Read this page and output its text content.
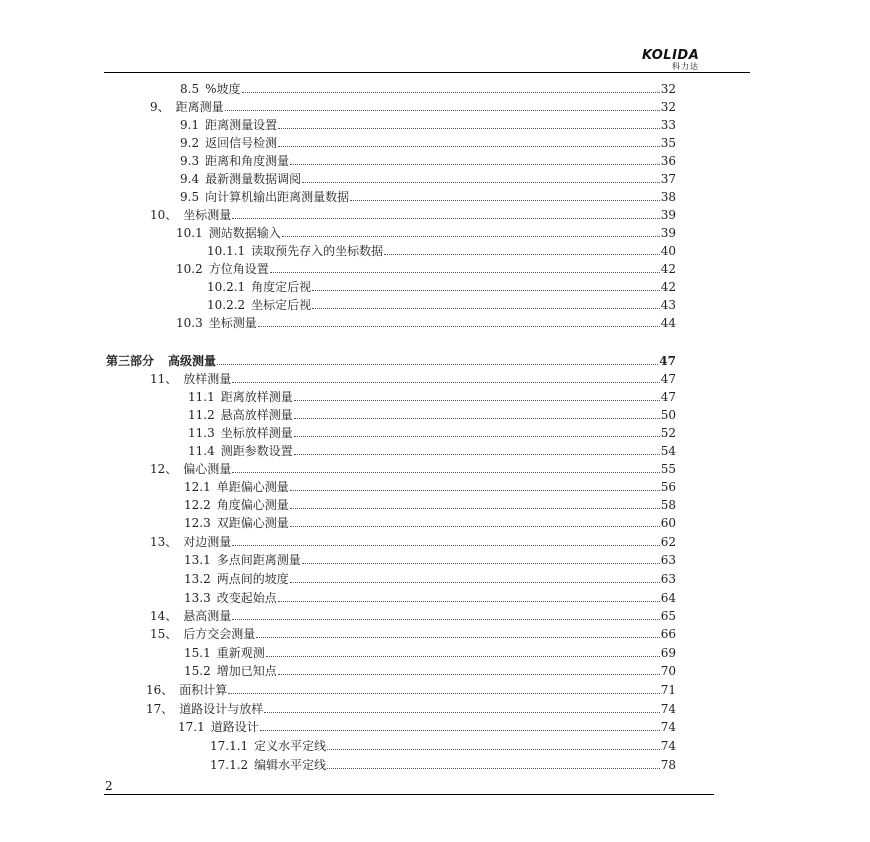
KOLIDA
科力达
8.5 %坡度	32
9、 距离测量	32
9.1 距离测量设置	33
9.2 返回信号检测	35
9.3 距离和角度测量	36
9.4 最新测量数据调阅	37
9.5 向计算机输出距离测量数据	38
10、 坐标测量	39
10.1 测站数据输入	39
10.1.1 读取预先存入的坐标数据	40
10.2 方位角设置	42
10.2.1 角度定后视	42
10.2.2 坐标定后视	43
10.3 坐标测量	44
第三部分 高级测量	47
11、 放样测量	47
11.1 距离放样测量	47
11.2 悬高放样测量	50
11.3 坐标放样测量	52
11.4 测距参数设置	54
12、 偏心测量	55
12.1 单距偏心测量	56
12.2 角度偏心测量	58
12.3 双距偏心测量	60
13、 对边测量	62
13.1 多点间距离测量	63
13.2 两点间的坡度	63
13.3 改变起始点	64
14、 悬高测量	65
15、 后方交会测量	66
15.1 重新观测	69
15.2 增加已知点	70
16、 面积计算	71
17、 道路设计与放样	74
17.1 道路设计	74
17.1.1 定义水平定线	74
17.1.2 编辑水平定线	78
2
